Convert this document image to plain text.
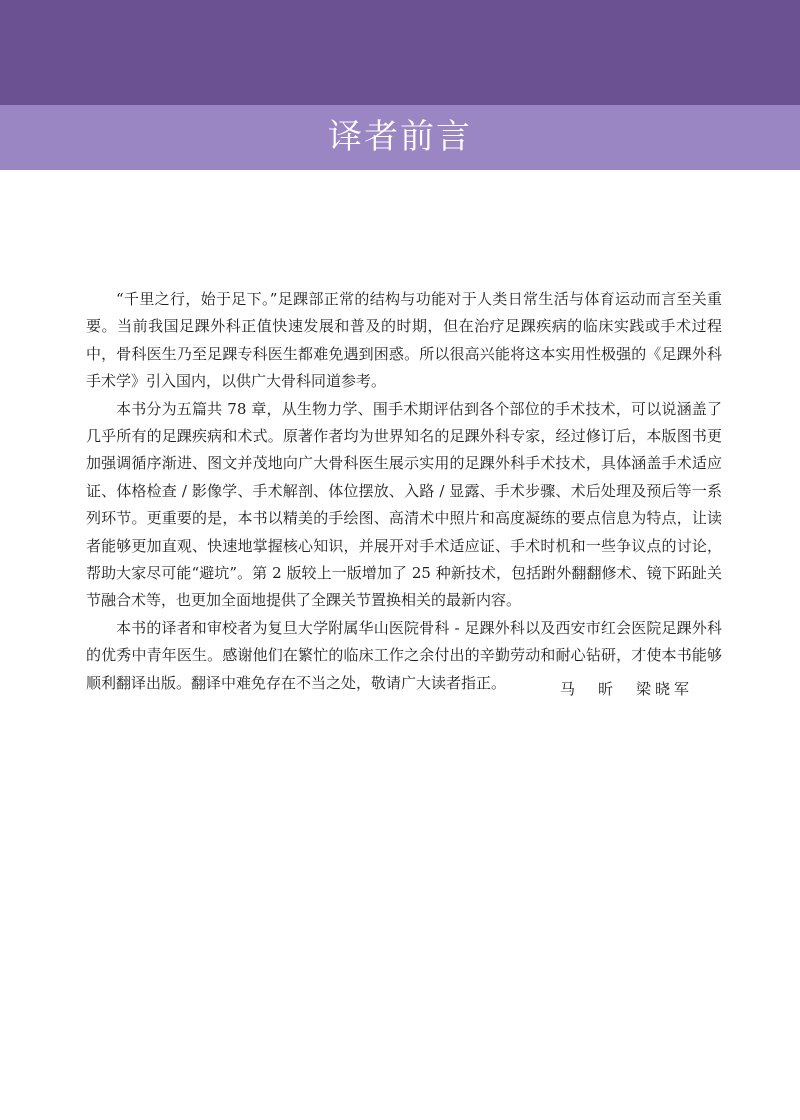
译者前言

“千里之行，始于足下。”足踝部正常的结构与功能对于人类日常生活与体育运动而言至关重要。当前我国足踝外科正值快速发展和普及的时期，但在治疗足踝疾病的临床实践或手术过程中，骨科医生乃至足踝专科医生都难免遇到困惑。所以很高兴能将这本实用性极强的《足踝外科手术学》引入国内，以供广大骨科同道参考。

本书分为五篇共 78 章，从生物力学、围手术期评估到各个部位的手术技术，可以说涵盖了几乎所有的足踝疾病和术式。原著作者均为世界知名的足踝外科专家，经过修订后，本版图书更加强调循序渐进、图文并茂地向广大骨科医生展示实用的足踝外科手术技术，具体涵盖手术适应证、体格检查 / 影像学、手术解剖、体位摆放、入路 / 显露、手术步骤、术后处理及预后等一系列环节。更重要的是，本书以精美的手绘图、高清术中照片和高度凝练的要点信息为特点，让读者能够更加直观、快速地掌握核心知识，并展开对手术适应证、手术时机和一些争议点的讨论，帮助大家尽可能“避坑”。第 2 版较上一版增加了 25 种新技术，包括跗外翻翻修术、镜下跖趾关节融合术等，也更加全面地提供了全踝关节置换相关的最新内容。

本书的译者和审校者为复旦大学附属华山医院骨科 - 足踝外科以及西安市红会医院足踝外科的优秀中青年医生。感谢他们在繁忙的临床工作之余付出的辛勤劳动和耐心钻研，才使本书能够顺利翻译出版。翻译中难免存在不当之处，敬请广大读者指正。	马　昕　梁晓军
